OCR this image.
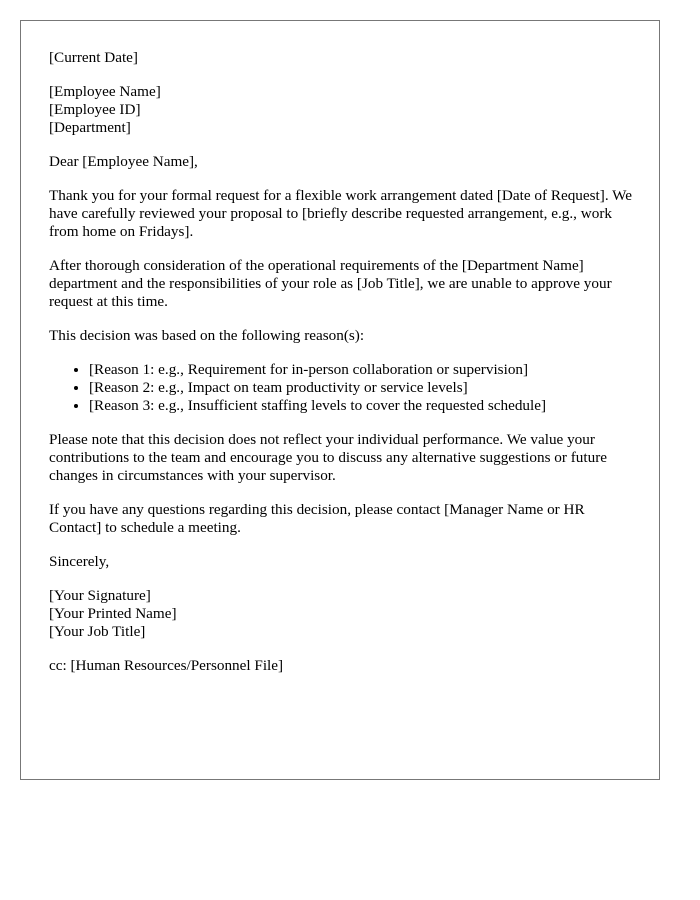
[Current Date]
[Employee Name]
[Employee ID]
[Department]

Dear [Employee Name],

Thank you for your formal request for a flexible work arrangement dated [Date of Request]. We have carefully reviewed your proposal to [briefly describe requested arrangement, e.g., work from home on Fridays].

After thorough consideration of the operational requirements of the [Department Name] department and the responsibilities of your role as [Job Title], we are unable to approve your request at this time.

This decision was based on the following reason(s):

• [Reason 1: e.g., Requirement for in-person collaboration or supervision]
• [Reason 2: e.g., Impact on team productivity or service levels]
• [Reason 3: e.g., Insufficient staffing levels to cover the requested schedule]

Please note that this decision does not reflect your individual performance. We value your contributions to the team and encourage you to discuss any alternative suggestions or future changes in circumstances with your supervisor.

If you have any questions regarding this decision, please contact [Manager Name or HR Contact] to schedule a meeting.

Sincerely,

[Your Signature]
[Your Printed Name]
[Your Job Title]

cc: [Human Resources/Personnel File]
